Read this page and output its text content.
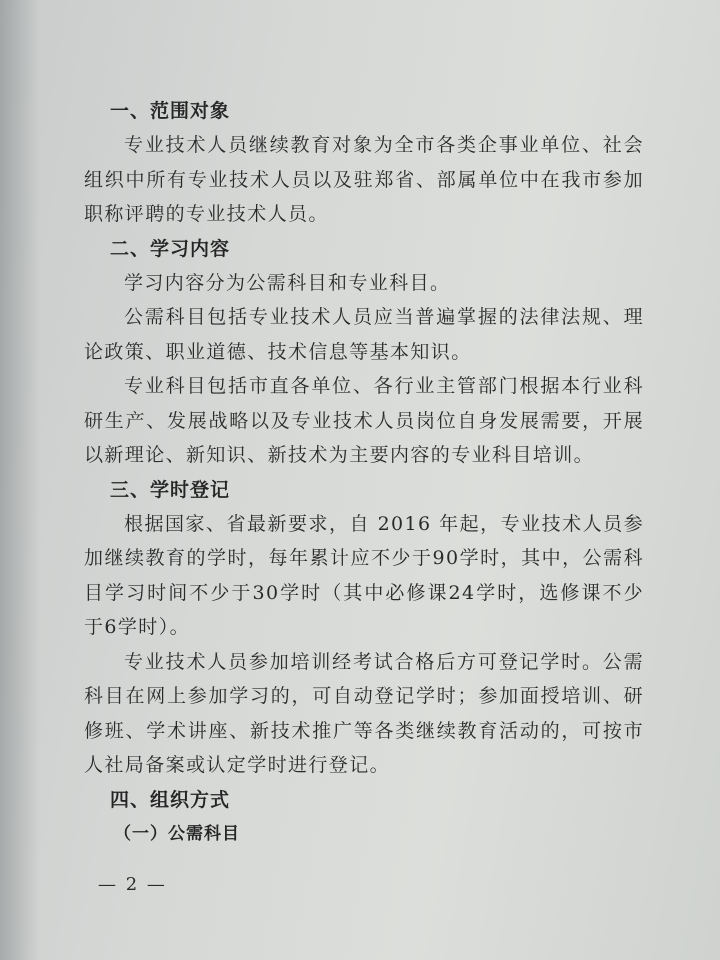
一、范围对象

专业技术人员继续教育对象为全市各类企事业单位、社会组织中所有专业技术人员以及驻郑省、部属单位中在我市参加职称评聘的专业技术人员。

二、学习内容

学习内容分为公需科目和专业科目。

公需科目包括专业技术人员应当普遍掌握的法律法规、理论政策、职业道德、技术信息等基本知识。

专业科目包括市直各单位、各行业主管部门根据本行业科研生产、发展战略以及专业技术人员岗位自身发展需要，开展以新理论、新知识、新技术为主要内容的专业科目培训。

三、学时登记

根据国家、省最新要求，自 2016 年起，专业技术人员参加继续教育的学时，每年累计应不少于90学时，其中，公需科目学习时间不少于30学时（其中必修课24学时，选修课不少于6学时）。

专业技术人员参加培训经考试合格后方可登记学时。公需科目在网上参加学习的，可自动登记学时；参加面授培训、研修班、学术讲座、新技术推广等各类继续教育活动的，可按市人社局备案或认定学时进行登记。

四、组织方式
（一）公需科目
— 2 —
